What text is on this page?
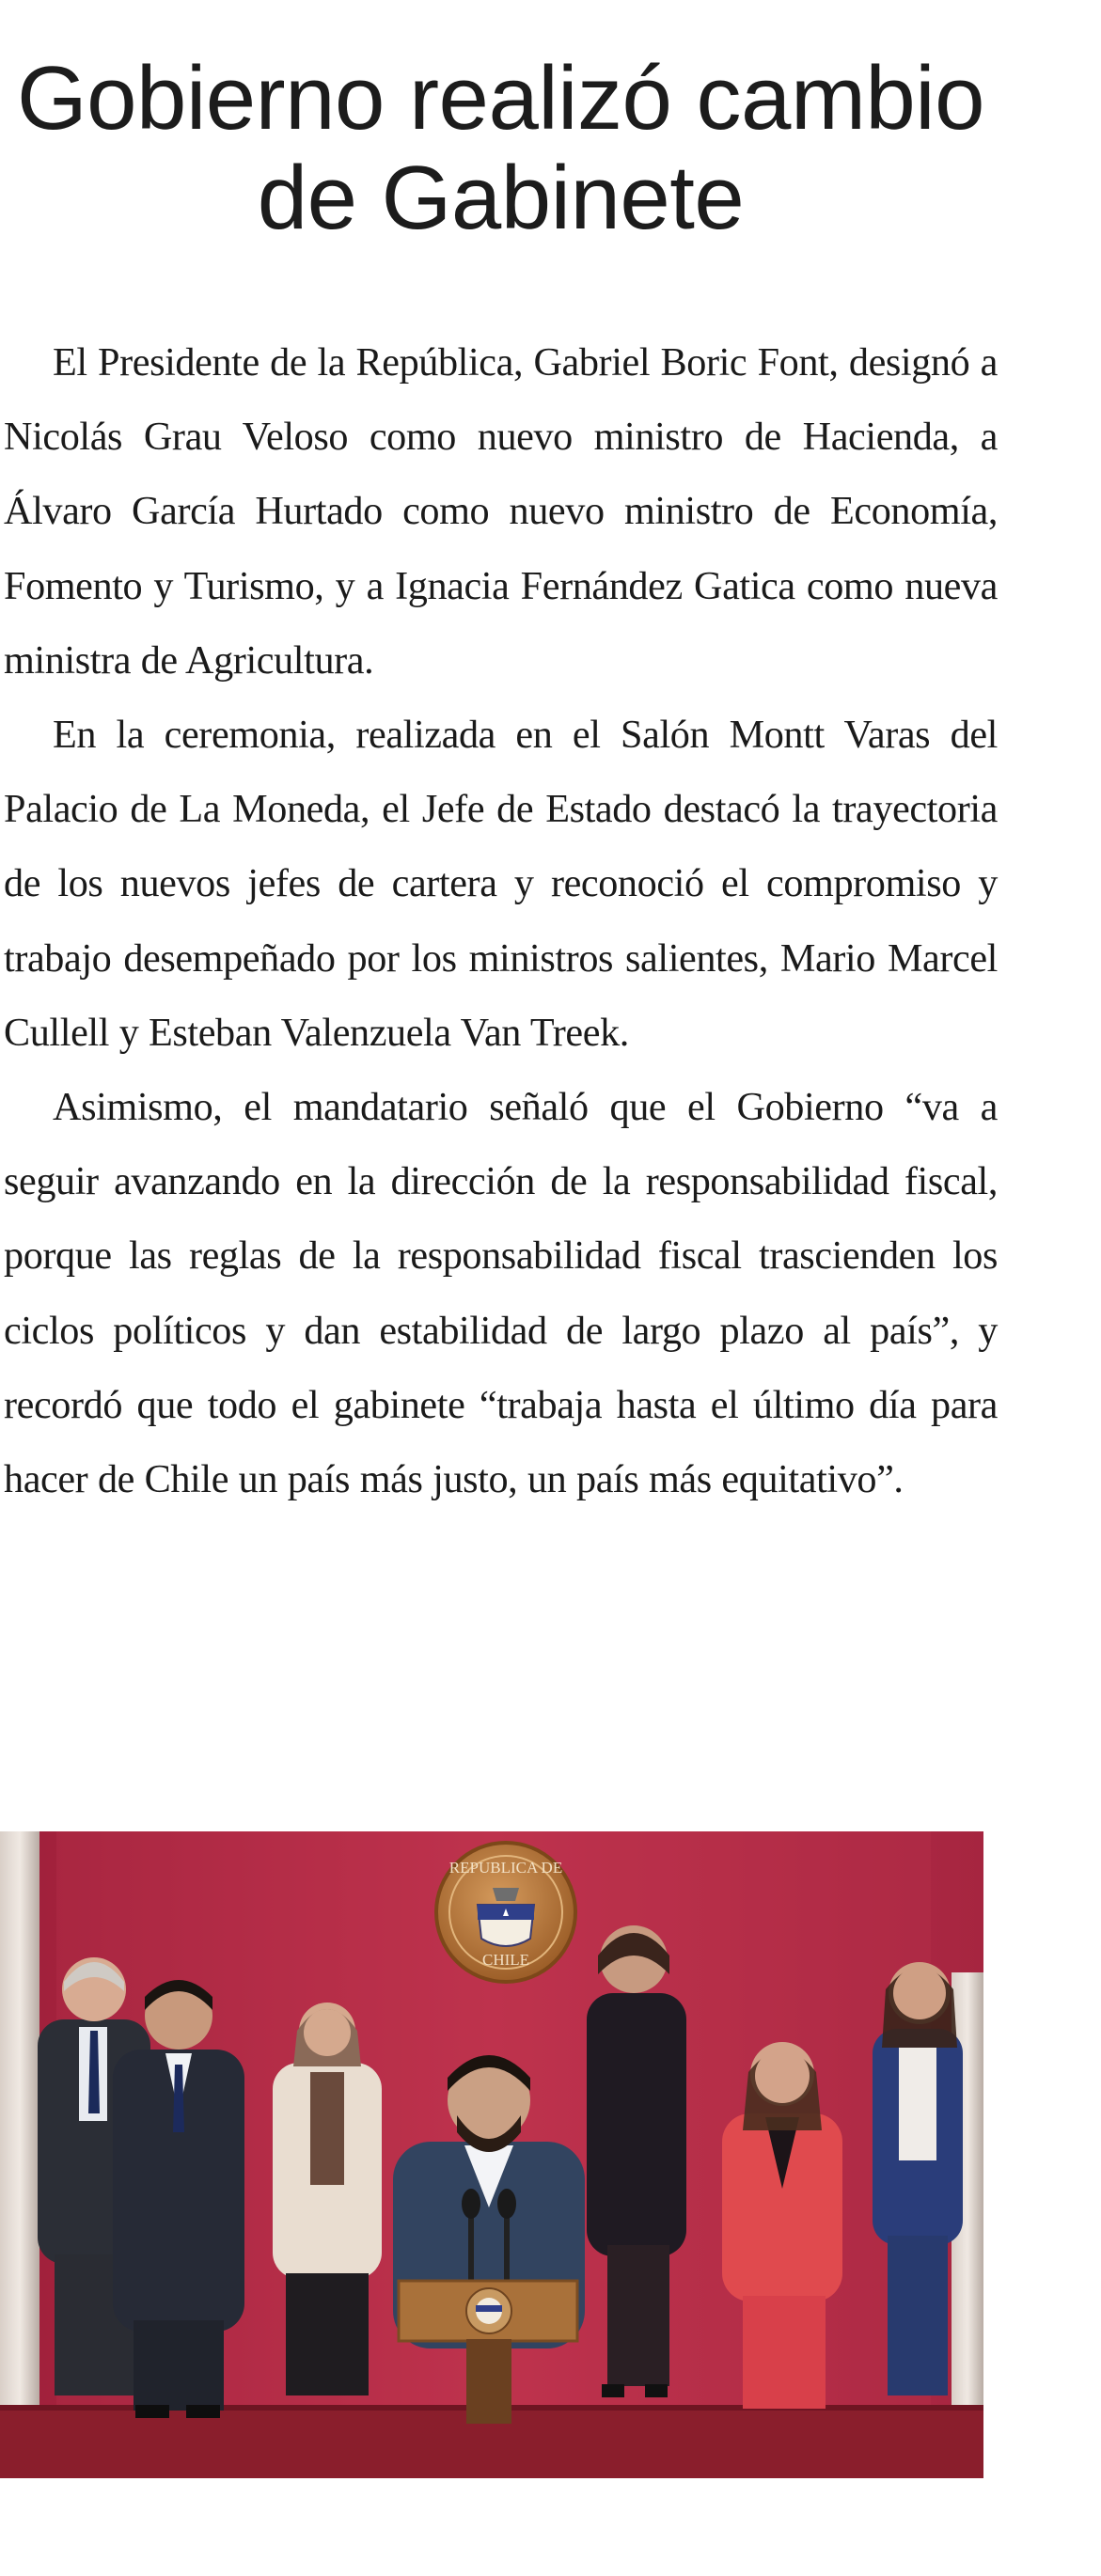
Gobierno realizó cambio de Gabinete

El Presidente de la República, Gabriel Boric Font, designó a Nicolás Grau Veloso como nuevo ministro de Hacienda, a Álvaro García Hurtado como nuevo ministro de Economía, Fomento y Turismo, y a Ignacia Fernández Gatica como nueva ministra de Agricultura.

En la ceremonia, realizada en el Salón Montt Varas del Palacio de La Moneda, el Jefe de Estado destacó la trayectoria de los nuevos jefes de cartera y reconoció el compromiso y trabajo desempeñado por los ministros salientes, Mario Marcel Cullell y Esteban Valenzuela Van Treek.

Asimismo, el mandatario señaló que el Gobierno “va a seguir avanzando en la dirección de la responsabilidad fiscal, porque las reglas de la responsabilidad fiscal trascienden los ciclos políticos y dan estabilidad de largo plazo al país”, y recordó que todo el gabinete “trabaja hasta el último día para hacer de Chile un país más justo, un país más equitativo”.

REPUBLICA DE
CHILE
